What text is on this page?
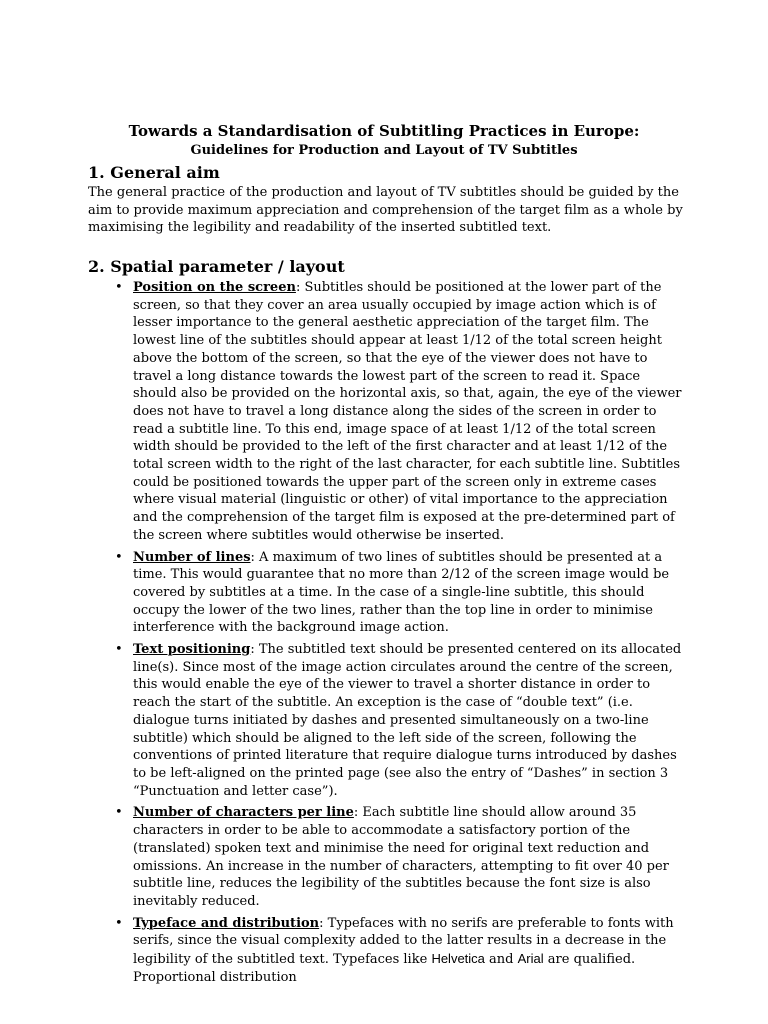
Towards a Standardisation of Subtitling Practices in Europe:
Guidelines for Production and Layout of TV Subtitles
1. General aim
The general practice of the production and layout of TV subtitles should be guided by the aim to provide maximum appreciation and comprehension of the target film as a whole by maximising the legibility and readability of the inserted subtitled text.
2. Spatial parameter / layout
• Position on the screen: Subtitles should be positioned at the lower part of the screen, so that they cover an area usually occupied by image action which is of lesser importance to the general aesthetic appreciation of the target film. The lowest line of the subtitles should appear at least 1/12 of the total screen height above the bottom of the screen, so that the eye of the viewer does not have to travel a long distance towards the lowest part of the screen to read it. Space should also be provided on the horizontal axis, so that, again, the eye of the viewer does not have to travel a long distance along the sides of the screen in order to read a subtitle line. To this end, image space of at least 1/12 of the total screen width should be provided to the left of the first character and at least 1/12 of the total screen width to the right of the last character, for each subtitle line. Subtitles could be positioned towards the upper part of the screen only in extreme cases where visual material (linguistic or other) of vital importance to the appreciation and the comprehension of the target film is exposed at the pre-determined part of the screen where subtitles would otherwise be inserted.
• Number of lines: A maximum of two lines of subtitles should be presented at a time. This would guarantee that no more than 2/12 of the screen image would be covered by subtitles at a time. In the case of a single-line subtitle, this should occupy the lower of the two lines, rather than the top line in order to minimise interference with the background image action.
• Text positioning: The subtitled text should be presented centered on its allocated line(s). Since most of the image action circulates around the centre of the screen, this would enable the eye of the viewer to travel a shorter distance in order to reach the start of the subtitle. An exception is the case of “double text” (i.e. dialogue turns initiated by dashes and presented simultaneously on a two-line subtitle) which should be aligned to the left side of the screen, following the conventions of printed literature that require dialogue turns introduced by dashes to be left-aligned on the printed page (see also the entry of “Dashes” in section 3 “Punctuation and letter case”).
• Number of characters per line: Each subtitle line should allow around 35 characters in order to be able to accommodate a satisfactory portion of the (translated) spoken text and minimise the need for original text reduction and omissions. An increase in the number of characters, attempting to fit over 40 per subtitle line, reduces the legibility of the subtitles because the font size is also inevitably reduced.
• Typeface and distribution: Typefaces with no serifs are preferable to fonts with serifs, since the visual complexity added to the latter results in a decrease in the legibility of the subtitled text. Typefaces like Helvetica and Arial are qualified. Proportional distribution
